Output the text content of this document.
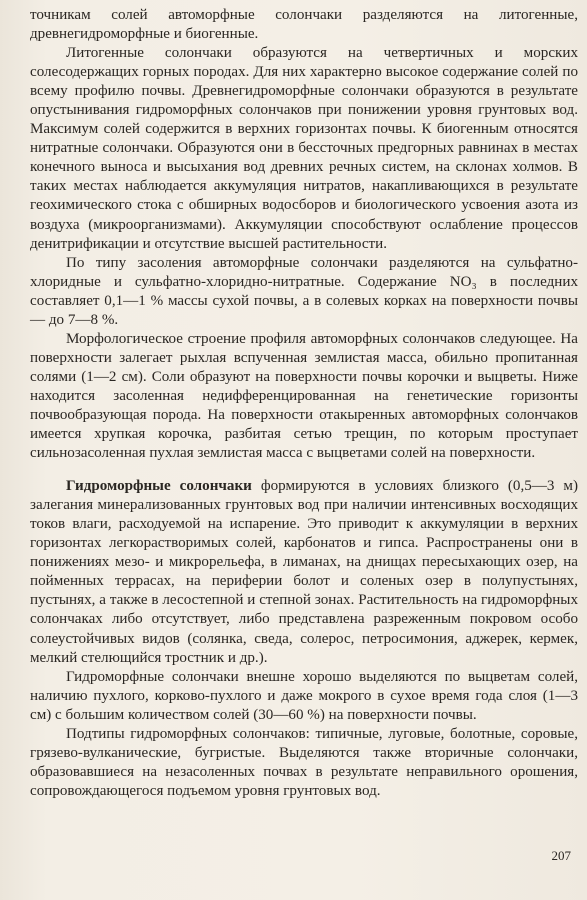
точникам солей автоморфные солончаки разделяются на литогенные, древнегидроморфные и биогенные.

Литогенные солончаки образуются на четвертичных и морских солесодержащих горных породах. Для них характерно высокое содержание солей по всему профилю почвы. Древнегидроморфные солончаки образуются в результате опустынивания гидроморфных солончаков при понижении уровня грунтовых вод. Максимум солей содержится в верхних горизонтах почвы. К биогенным относятся нитратные солончаки. Образуются они в бессточных предгорных равнинах в местах конечного выноса и высыхания вод древних речных систем, на склонах холмов. В таких местах наблюдается аккумуляция нитратов, накапливающихся в результате геохимического стока с обширных водосборов и биологического усвоения азота из воздуха (микроорганизмами). Аккумуляции способствуют ослабление процессов денитрификации и отсутствие высшей растительности.

По типу засоления автоморфные солончаки разделяются на сульфатно-хлоридные и сульфатно-хлоридно-нитратные. Содержание NO₃ в последних составляет 0,1—1 % массы сухой почвы, а в солевых корках на поверхности почвы — до 7—8 %.

Морфологическое строение профиля автоморфных солончаков следующее. На поверхности залегает рыхлая вспученная землистая масса, обильно пропитанная солями (1—2 см). Соли образуют на поверхности почвы корочки и выцветы. Ниже находится засоленная недифференцированная на генетические горизонты почвообразующая порода. На поверхности отакыренных автоморфных солончаков имеется хрупкая корочка, разбитая сетью трещин, по которым проступает сильнозасоленная пухлая землистая масса с выцветами солей на поверхности.

Гидроморфные солончаки формируются в условиях близкого (0,5—3 м) залегания минерализованных грунтовых вод при наличии интенсивных восходящих токов влаги, расходуемой на испарение. Это приводит к аккумуляции в верхних горизонтах легкорастворимых солей, карбонатов и гипса. Распространены они в понижениях мезо- и микрорельефа, в лиманах, на днищах пересыхающих озер, на пойменных террасах, на периферии болот и соленых озер в полупустынях, пустынях, а также в лесостепной и степной зонах. Растительность на гидроморфных солончаках либо отсутствует, либо представлена разреженным покровом особо солеустойчивых видов (солянка, сведа, солерос, петросимония, аджерек, кермек, мелкий стелющийся тростник и др.).

Гидроморфные солончаки внешне хорошо выделяются по выцветам солей, наличию пухлого, корково-пухлого и даже мокрого в сухое время года слоя (1—3 см) с большим количеством солей (30—60 %) на поверхности почвы.

Подтипы гидроморфных солончаков: типичные, луговые, болотные, соровые, грязево-вулканические, бугристые. Выделяются также вторичные солончаки, образовавшиеся на незасоленных почвах в результате неправильного орошения, сопровождающегося подъемом уровня грунтовых вод.

207
